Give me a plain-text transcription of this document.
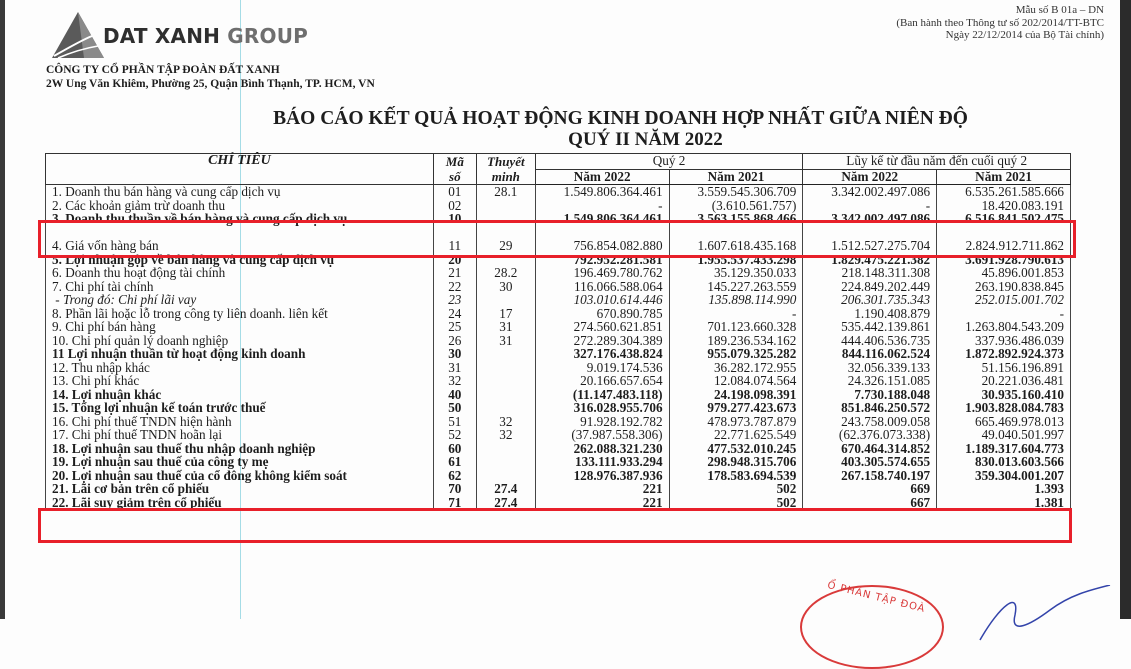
DAT XANH GROUP
CÔNG TY CỔ PHẦN TẬP ĐOÀN ĐẤT XANH
2W Ung Văn Khiêm, Phường 25, Quận Bình Thạnh, TP. HCM, VN
Mẫu số B 01a – DN
(Ban hành theo Thông tư số 202/2014/TT-BTC
Ngày 22/12/2014 của Bộ Tài chính)
BÁO CÁO KẾT QUẢ HOẠT ĐỘNG KINH DOANH HỢP NHẤT GIỮA NIÊN ĐỘ
QUÝ II NĂM 2022
CHỈ TIÊU	Mã
số	Thuyết
minh	Quý 2		Lũy kế từ đầu năm đến cuối quý 2	
			Năm 2022	Năm 2021	Năm 2022	Năm 2021
1. Doanh thu bán hàng và cung cấp dịch vụ	01	28.1	1.549.806.364.461	3.559.545.306.709	3.342.002.497.086	6.535.261.585.666
2. Các khoản giảm trừ doanh thu	02		-	(3.610.561.757)	-	18.420.083.191
3. Doanh thu thuần về bán hàng và cung cấp dịch vụ	10		1.549.806.364.461	3.563.155.868.466	3.342.002.497.086	6.516.841.502.475
4. Giá vốn hàng bán	11	29	756.854.082.880	1.607.618.435.168	1.512.527.275.704	2.824.912.711.862
5. Lợi nhuận gộp về bán hàng và cung cấp dịch vụ	20		792.952.281.581	1.955.537.433.298	1.829.475.221.382	3.691.928.790.613
6. Doanh thu hoạt động tài chính	21	28.2	196.469.780.762	35.129.350.033	218.148.311.308	45.896.001.853
7. Chi phí tài chính	22	30	116.066.588.064	145.227.263.559	224.849.202.449	263.190.838.845
- Trong đó: Chi phí lãi vay	23		103.010.614.446	135.898.114.990	206.301.735.343	252.015.001.702
8. Phần lãi hoặc lỗ trong công ty liên doanh. liên kết	24	17	670.890.785	-	1.190.408.879	-
9. Chi phí bán hàng	25	31	274.560.621.851	701.123.660.328	535.442.139.861	1.263.804.543.209
10. Chi phí quản lý doanh nghiệp	26	31	272.289.304.389	189.236.534.162	444.406.536.735	337.936.486.039
11 Lợi nhuận thuần từ hoạt động kinh doanh	30		327.176.438.824	955.079.325.282	844.116.062.524	1.872.892.924.373
12. Thu nhập khác	31		9.019.174.536	36.282.172.955	32.056.339.133	51.156.196.891
13. Chi phí khác	32		20.166.657.654	12.084.074.564	24.326.151.085	20.221.036.481
14. Lợi nhuận khác	40		(11.147.483.118)	24.198.098.391	7.730.188.048	30.935.160.410
15. Tổng lợi nhuận kế toán trước thuế	50		316.028.955.706	979.277.423.673	851.846.250.572	1.903.828.084.783
16. Chi phí thuế TNDN hiện hành	51	32	91.928.192.782	478.973.787.879	243.758.009.058	665.469.978.013
17. Chi phí thuế TNDN hoãn lại	52	32	(37.987.558.306)	22.771.625.549	(62.376.073.338)	49.040.501.997
18. Lợi nhuận sau thuế thu nhập doanh nghiệp	60		262.088.321.230	477.532.010.245	670.464.314.852	1.189.317.604.773
19. Lợi nhuận sau thuế của công ty mẹ	61		133.111.933.294	298.948.315.706	403.305.574.655	830.013.603.566
20. Lợi nhuận sau thuế của cổ đông không kiểm soát	62		128.976.387.936	178.583.694.539	267.158.740.197	359.304.001.207
21. Lãi cơ bản trên cổ phiếu	70	27.4	221	502	669	1.393
22. Lãi suy giảm trên cổ phiếu	71	27.4	221	502	667	1.381
Ổ PHẦN TẬP ĐOÀ
